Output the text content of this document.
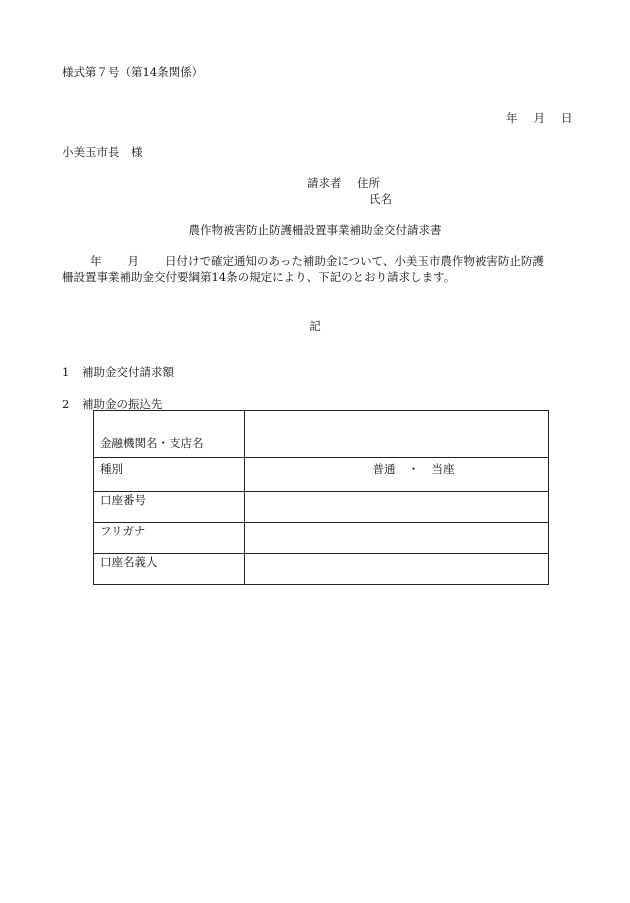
様式第７号（第14条関係）
年 月 日
小美玉市長　様
請求者 住所
氏名
農作物被害防止防護柵設置事業補助金交付請求書

年 月 日付けで確定通知のあった補助金について、小美玉市農作物被害防止防護

柵設置事業補助金交付要綱第14条の規定により、下記のとおり請求します。

記
1 補助金交付請求額
2 補助金の振込先
金融機関名・支店名	
種別	普通 ・ 当座
口座番号	
フリガナ	
口座名義人	
